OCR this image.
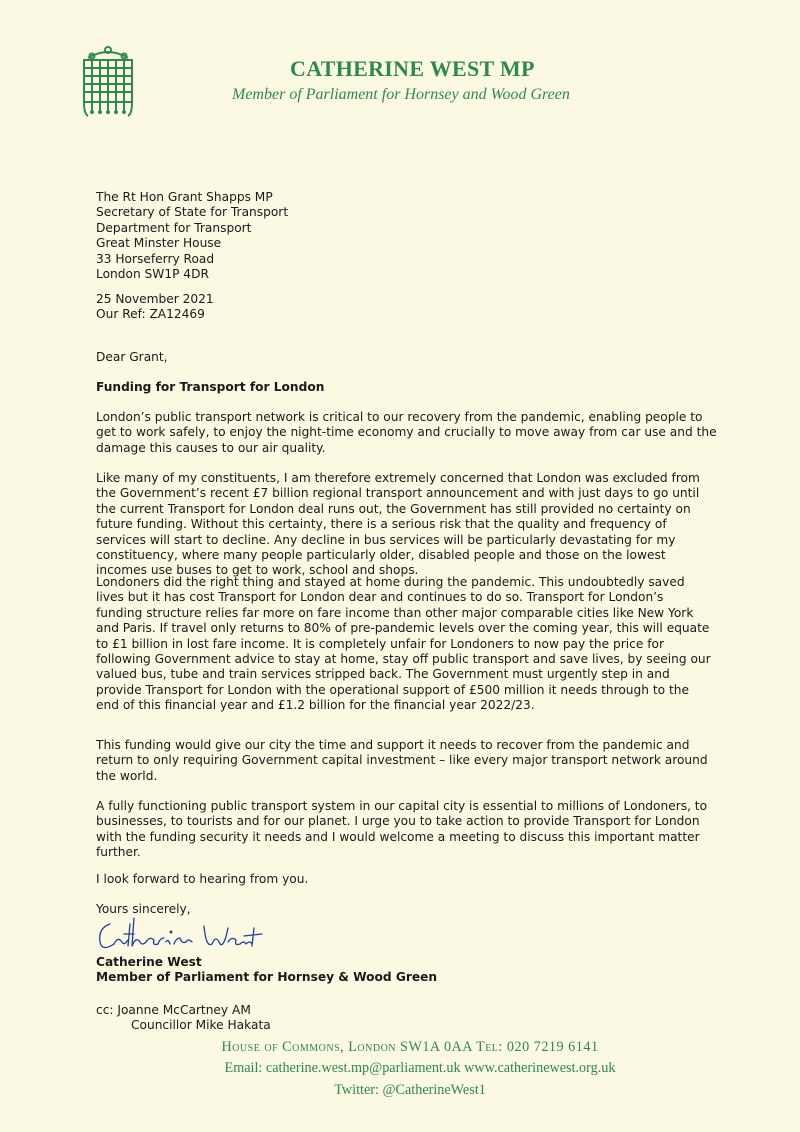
CATHERINE WEST MP
Member of Parliament for Hornsey and Wood Green
The Rt Hon Grant Shapps MP
Secretary of State for Transport
Department for Transport
Great Minster House
33 Horseferry Road
London SW1P 4DR
25 November 2021
Our Ref: ZA12469
Dear Grant,
Funding for Transport for London
London’s public transport network is critical to our recovery from the pandemic, enabling people to
get to work safely, to enjoy the night-time economy and crucially to move away from car use and the
damage this causes to our air quality.
Like many of my constituents, I am therefore extremely concerned that London was excluded from
the Government’s recent £7 billion regional transport announcement and with just days to go until
the current Transport for London deal runs out, the Government has still provided no certainty on
future funding. Without this certainty, there is a serious risk that the quality and frequency of
services will start to decline. Any decline in bus services will be particularly devastating for my
constituency, where many people particularly older, disabled people and those on the lowest
incomes use buses to get to work, school and shops.
Londoners did the right thing and stayed at home during the pandemic. This undoubtedly saved
lives but it has cost Transport for London dear and continues to do so. Transport for London’s
funding structure relies far more on fare income than other major comparable cities like New York
and Paris. If travel only returns to 80% of pre-pandemic levels over the coming year, this will equate
to £1 billion in lost fare income. It is completely unfair for Londoners to now pay the price for
following Government advice to stay at home, stay off public transport and save lives, by seeing our
valued bus, tube and train services stripped back. The Government must urgently step in and
provide Transport for London with the operational support of £500 million it needs through to the
end of this financial year and £1.2 billion for the financial year 2022/23.
This funding would give our city the time and support it needs to recover from the pandemic and
return to only requiring Government capital investment – like every major transport network around
the world.
A fully functioning public transport system in our capital city is essential to millions of Londoners, to
businesses, to tourists and for our planet. I urge you to take action to provide Transport for London
with the funding security it needs and I would welcome a meeting to discuss this important matter
further.
I look forward to hearing from you.
Yours sincerely,
Catherine West
Member of Parliament for Hornsey & Wood Green
cc: Joanne McCartney AM
Councillor Mike Hakata
House of Commons, London SW1A 0AA Tel: 020 7219 6141
Email: catherine.west.mp@parliament.uk www.catherinewest.org.uk
Twitter: @CatherineWest1
